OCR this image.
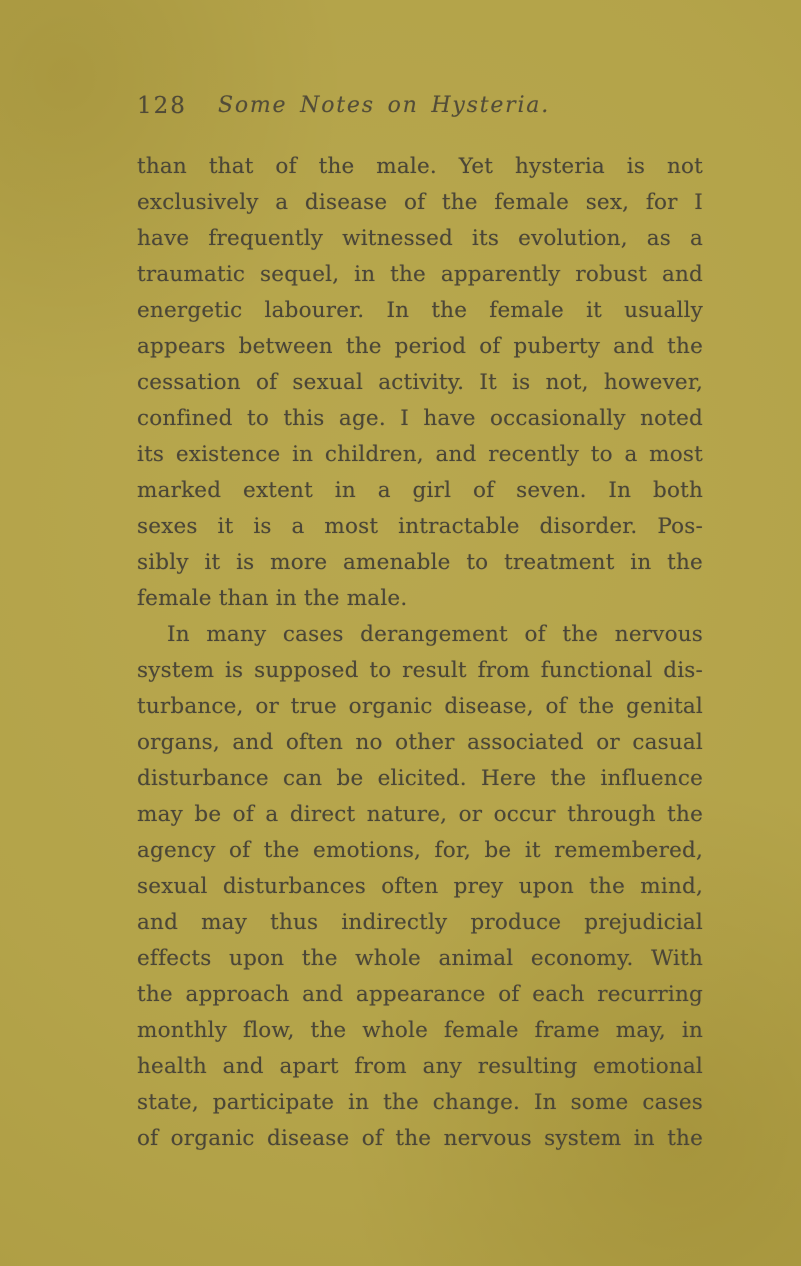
128	Some Notes on Hysteria.
than that of the male. Yet hysteria is not
exclusively a disease of the female sex, for I
have frequently witnessed its evolution, as a
traumatic sequel, in the apparently robust and
energetic labourer. In the female it usually
appears between the period of puberty and the
cessation of sexual activity. It is not, however,
confined to this age. I have occasionally noted
its existence in children, and recently to a most
marked extent in a girl of seven. In both
sexes it is a most intractable disorder. Pos-
sibly it is more amenable to treatment in the
female than in the male.
In many cases derangement of the nervous
system is supposed to result from functional dis-
turbance, or true organic disease, of the genital
organs, and often no other associated or casual
disturbance can be elicited. Here the influence
may be of a direct nature, or occur through the
agency of the emotions, for, be it remembered,
sexual disturbances often prey upon the mind,
and may thus indirectly produce prejudicial
effects upon the whole animal economy. With
the approach and appearance of each recurring
monthly flow, the whole female frame may, in
health and apart from any resulting emotional
state, participate in the change. In some cases
of organic disease of the nervous system in the
